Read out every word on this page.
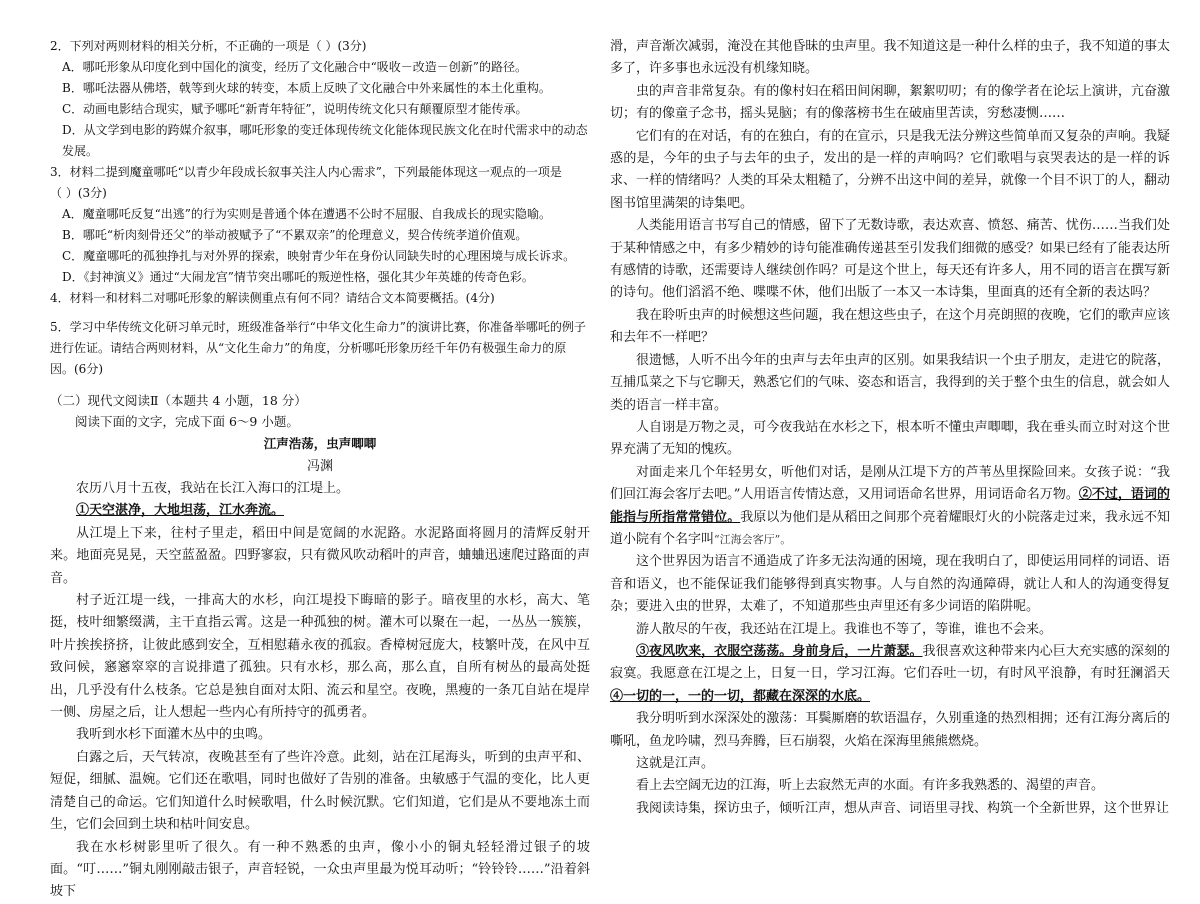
2．下列对两则材料的相关分析，不正确的一项是（ ）(3分)

A．哪吒形象从印度化到中国化的演变，经历了文化融合中“吸收－改造－创新”的路径。

B．哪吒法器从佛塔，戟等到火球的转变，本质上反映了文化融合中外来属性的本土化重构。

C．动画电影结合现实，赋予哪吒“新青年特征”，说明传统文化只有颠覆原型才能传承。

D．从文学到电影的跨媒介叙事，哪吒形象的变迁体现传统文化能体现民族文化在时代需求中的动态发展。

3．材料二提到魔童哪吒“以青少年段成长叙事关注人内心需求”，下列最能体现这一观点的一项是

（ ）(3分)

A．魔童哪吒反复“出逃”的行为实则是普通个体在遭遇不公时不屈服、自我成长的现实隐喻。

B．哪吒“析肉刻骨还父”的举动被赋予了“不累双亲”的伦理意义，契合传统孝道价值观。

C．魔童哪吒的孤独挣扎与对外界的探索，映射青少年在身份认同缺失时的心理困境与成长诉求。

D．《封神演义》通过“大闹龙宫”情节突出哪吒的叛逆性格，强化其少年英雄的传奇色彩。

4．材料一和材料二对哪吒形象的解读侧重点有何不同？请结合文本简要概括。(4分)

5．学习中华传统文化研习单元时，班级准备举行“中华文化生命力”的演讲比赛，你准备举哪吒的例子进行佐证。请结合两则材料，从“文化生命力”的角度，分析哪吒形象历经千年仍有极强生命力的原因。(6分)

（二）现代文阅读Ⅱ（本题共 4 小题，18 分）

阅读下面的文字，完成下面 6～9 小题。

江声浩荡，虫声唧唧

冯渊

农历八月十五夜，我站在长江入海口的江堤上。

①天空湛净，大地坦荡，江水奔流。

从江堤上下来，往村子里走，稻田中间是宽阔的水泥路。水泥路面将圆月的清辉反射开来。地面亮晃晃，天空蓝盈盈。四野寥寂，只有微风吹动稻叶的声音，蛐蛐迅速爬过路面的声音。

村子近江堤一线，一排高大的水杉，向江堤投下晦暗的影子。暗夜里的水杉，高大、笔挺，枝叶细繁缀满，主干直指云霄。这是一种孤独的树。灌木可以聚在一起，一丛丛一簇簇，叶片挨挨挤挤，让彼此感到安全，互相慰藉永夜的孤寂。香樟树冠庞大，枝繁叶茂，在风中互致问候，窸窸窣窣的言说排遣了孤独。只有水杉，那么高，那么直，自所有树丛的最高处挺出，几乎没有什么枝条。它总是独自面对太阳、流云和星空。夜晚，黑瘦的一条兀自站在堤岸一侧、房屋之后，让人想起一些内心有所持守的孤勇者。

我听到水杉下面灌木丛中的虫鸣。

白露之后，天气转凉，夜晚甚至有了些许冷意。此刻，站在江尾海头，听到的虫声平和、短促，细腻、温婉。它们还在歌唱，同时也做好了告别的准备。虫敏感于气温的变化，比人更清楚自己的命运。它们知道什么时候歌唱，什么时候沉默。它们知道，它们是从不要地冻土而生，它们会回到土块和枯叶间安息。

我在水杉树影里听了很久。有一种不熟悉的虫声，像小小的铜丸轻轻滑过银子的坡面。“叮……”铜丸刚刚敲击银子，声音轻锐，一众虫声里最为悦耳动听；“铃铃铃……”沿着斜坡下

滑，声音渐次减弱，淹没在其他昏昧的虫声里。我不知道这是一种什么样的虫子，我不知道的事太多了，许多事也永远没有机缘知晓。

虫的声音非常复杂。有的像村妇在稻田间闲聊，絮絮叨叨；有的像学者在论坛上演讲，亢奋激切；有的像童子念书，摇头晃脑；有的像落榜书生在破庙里苦读，穷愁凄恻……

它们有的在对话，有的在独白，有的在宣示，只是我无法分辨这些简单而又复杂的声响。我疑惑的是，今年的虫子与去年的虫子，发出的是一样的声响吗？它们歌唱与哀哭表达的是一样的诉求、一样的情绪吗？人类的耳朵太粗糙了，分辨不出这中间的差异，就像一个目不识丁的人，翻动图书馆里满架的诗集吧。

人类能用语言书写自己的情感，留下了无数诗歌，表达欢喜、愤怒、痛苦、忧伤……当我们处于某种情感之中，有多少精妙的诗句能准确传递甚至引发我们细微的感受？如果已经有了能表达所有感情的诗歌，还需要诗人继续创作吗？可是这个世上，每天还有许多人，用不同的语言在撰写新的诗句。他们滔滔不绝、喋喋不休，他们出版了一本又一本诗集，里面真的还有全新的表达吗？

我在聆听虫声的时候想这些问题，我在想这些虫子，在这个月亮朗照的夜晚，它们的歌声应该和去年不一样吧？

很遗憾，人听不出今年的虫声与去年虫声的区别。如果我结识一个虫子朋友，走进它的院落，互捕瓜菜之下与它聊天，熟悉它们的气味、姿态和语言，我得到的关于整个虫生的信息，就会如人类的语言一样丰富。

人自诩是万物之灵，可今夜我站在水杉之下，根本听不懂虫声唧唧，我在垂头而立时对这个世界充满了无知的愧疚。

对面走来几个年轻男女，听他们对话，是刚从江堤下方的芦苇丛里探险回来。女孩子说：“我们回江海会客厅去吧。”人用语言传情达意，又用词语命名世界，用词语命名万物。②不过，语词的能指与所指常常错位。我原以为他们是从稻田之间那个亮着耀眼灯火的小院落走过来，我永远不知道小院有个名字叫“江海会客厅”。

这个世界因为语言不通造成了许多无法沟通的困境，现在我明白了，即使运用同样的词语、语音和语义，也不能保证我们能够得到真实物事。人与自然的沟通障碍，就让人和人的沟通变得复杂；要进入虫的世界，太难了，不知道那些虫声里还有多少词语的陷阱呢。

游人散尽的午夜，我还站在江堤上。我谁也不等了，等谁，谁也不会来。

③夜风吹来，衣服空荡荡。身前身后，一片萧瑟。我很喜欢这种带来内心巨大充实感的深刻的寂寞。我愿意在江堤之上，日复一日，学习江海。它们吞吐一切，有时风平浪静，有时狂澜滔天 ④一切的一，一的一切，都藏在深深的水底。

我分明听到水深深处的激荡：耳鬓厮磨的软语温存，久别重逢的热烈相拥；还有江海分离后的嘶吼，鱼龙吟啸，烈马奔腾，巨石崩裂，火焰在深海里熊熊燃烧。

这就是江声。

看上去空阔无边的江海，听上去寂然无声的水面。有许多我熟悉的、渴望的声音。

我阅读诗集，探访虫子，倾听江声，想从声音、词语里寻找、构筑一个全新世界，这个世界让
